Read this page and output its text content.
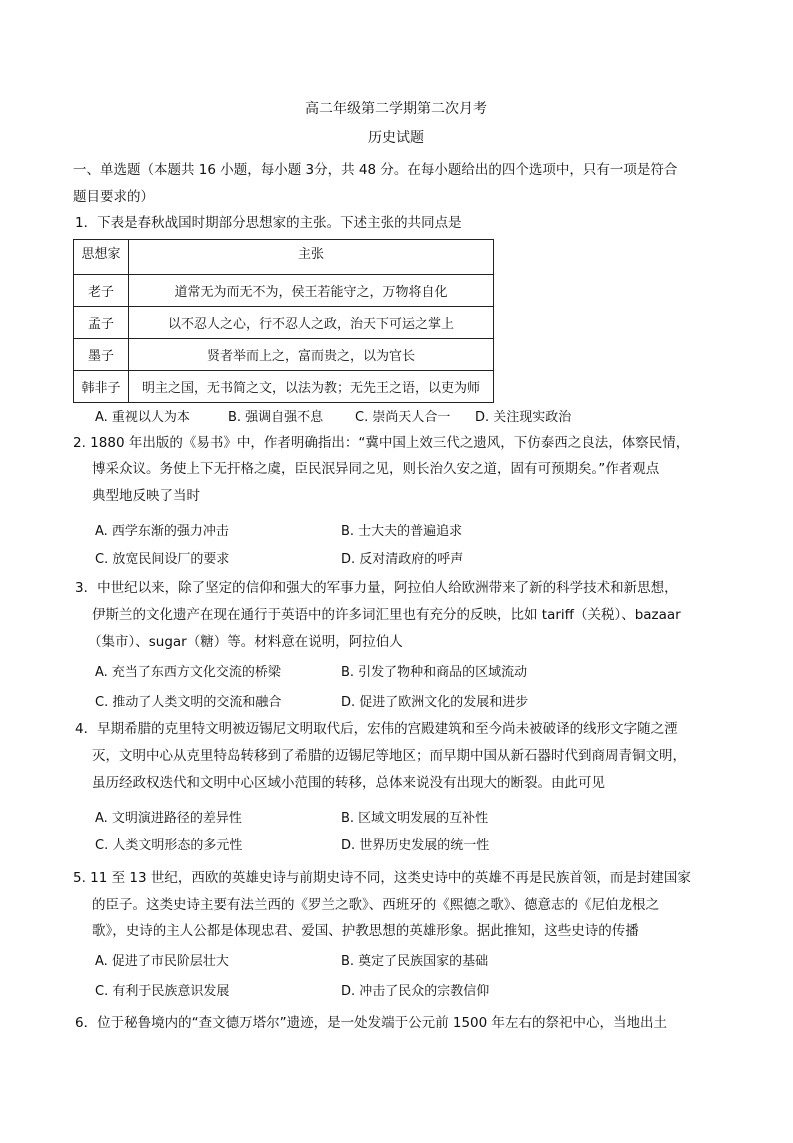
高二年级第二学期第二次月考
历史试题
一、单选题（本题共 16 小题，每小题 3分，共 48 分。在每小题给出的四个选项中，只有一项是符合
题目要求的）
1．下表是春秋战国时期部分思想家的主张。下述主张的共同点是
思想家	主张
老子	道常无为而无不为，侯王若能守之，万物将自化
孟子	以不忍人之心，行不忍人之政，治天下可运之掌上
墨子	贤者举而上之，富而贵之，以为官长
韩非子	明主之国，无书简之文，以法为教；无先王之语，以吏为师
A. 重视以人为本	B. 强调自强不息 C. 崇尚天人合一 D. 关注现实政治
2. 1880 年出版的《易书》中，作者明确指出：“冀中国上效三代之遗风，下仿泰西之良法，体察民情，
博采众议。务使上下无扞格之虞，臣民泯异同之见，则长治久安之道，固有可预期矣。”作者观点
典型地反映了当时
A. 西学东渐的强力冲击	B. 士大夫的普遍追求
C. 放宽民间设厂的要求	D. 反对清政府的呼声
3．中世纪以来，除了坚定的信仰和强大的军事力量，阿拉伯人给欧洲带来了新的科学技术和新思想，
伊斯兰的文化遗产在现在通行于英语中的许多词汇里也有充分的反映，比如 tariff（关税）、bazaar
（集市）、sugar（糖）等。材料意在说明，阿拉伯人
A. 充当了东西方文化交流的桥梁	B. 引发了物种和商品的区域流动
C. 推动了人类文明的交流和融合	D. 促进了欧洲文化的发展和进步
4．早期希腊的克里特文明被迈锡尼文明取代后，宏伟的宫殿建筑和至今尚未被破译的线形文字随之湮
灭，文明中心从克里特岛转移到了希腊的迈锡尼等地区；而早期中国从新石器时代到商周青铜文明，
虽历经政权迭代和文明中心区域小范围的转移，总体来说没有出现大的断裂。由此可见
A. 文明演进路径的差异性	B. 区域文明发展的互补性
C. 人类文明形态的多元性	D. 世界历史发展的统一性
5. 11 至 13 世纪，西欧的英雄史诗与前期史诗不同，这类史诗中的英雄不再是民族首领，而是封建国家
的臣子。这类史诗主要有法兰西的《罗兰之歌》、西班牙的《熙德之歌》、德意志的《尼伯龙根之
歌》，史诗的主人公都是体现忠君、爱国、护教思想的英雄形象。据此推知，这些史诗的传播
A. 促进了市民阶层壮大	B. 奠定了民族国家的基础
C. 有利于民族意识发展	D. 冲击了民众的宗教信仰
6．位于秘鲁境内的“查文德万塔尔”遗迹，是一处发端于公元前 1500 年左右的祭祀中心，当地出土
